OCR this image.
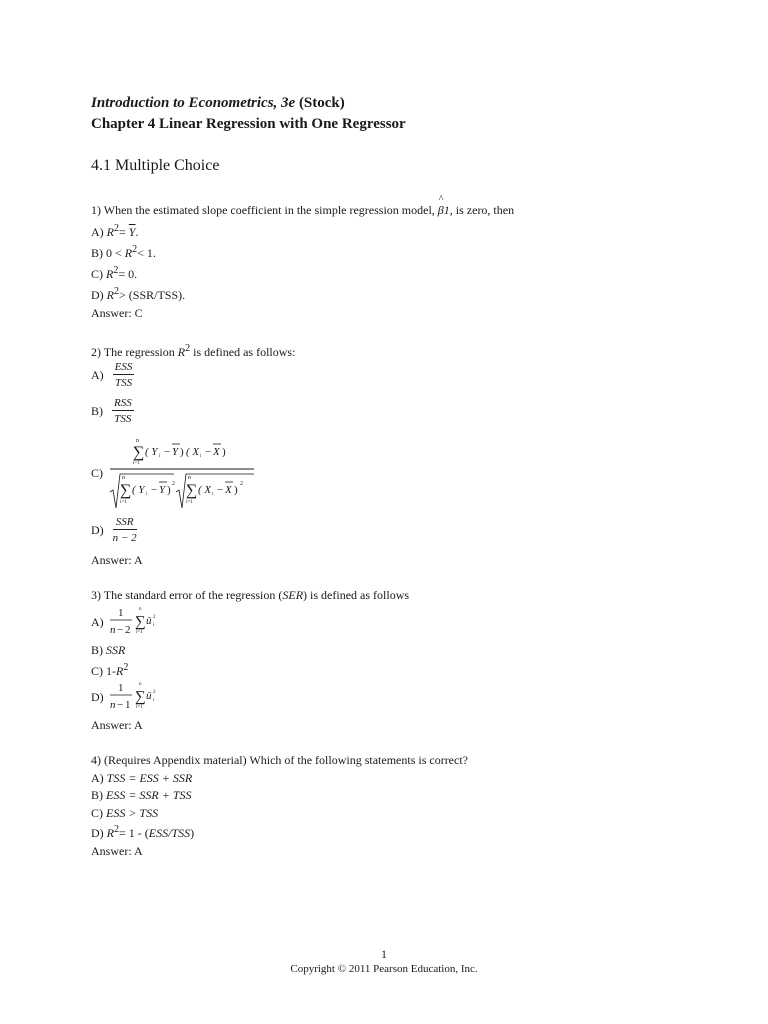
Introduction to Econometrics, 3e (Stock)
Chapter 4 Linear Regression with One Regressor
4.1 Multiple Choice
1) When the estimated slope coefficient in the simple regression model, ^ β1, is zero, then
A) $R^2= \overline{Y}$.
B) $0 < R^2< 1$.
C) $R^2= 0$.
D) $R^2> (SSR/TSS)$.
Answer: C
2) The regression $R^2$ is defined as follows:
$A) \frac{\text{ESS}}{\text{TSS}}$
$B) \frac{\text{RSS}}{\text{TSS}}$
C)
n
∑
i=1
( Y i − Y ) ( X i − X )
n
∑
i=1
( Y i − Y ) 2
n
∑
i=1
( X i − X ) 2
$D) \frac{\text{SSR}}{n - 2}$
Answer: A
3) The standard error of the regression (SER) is defined as follows
A)
1
n − 2
n
∑
i=1
û i
2
B) SSR
C) $1-R^2$
D)
1
n − 1
n
∑
i=1
û i
2
Answer: A
4) (Requires Appendix material) Which of the following statements is correct?
A) TSS = ESS + SSR
B) ESS = SSR + TSS
C) ESS > TSS
D) $R^2= 1 - (ESS/TSS)$
Answer: A
1
Copyright © 2011 Pearson Education, Inc.
